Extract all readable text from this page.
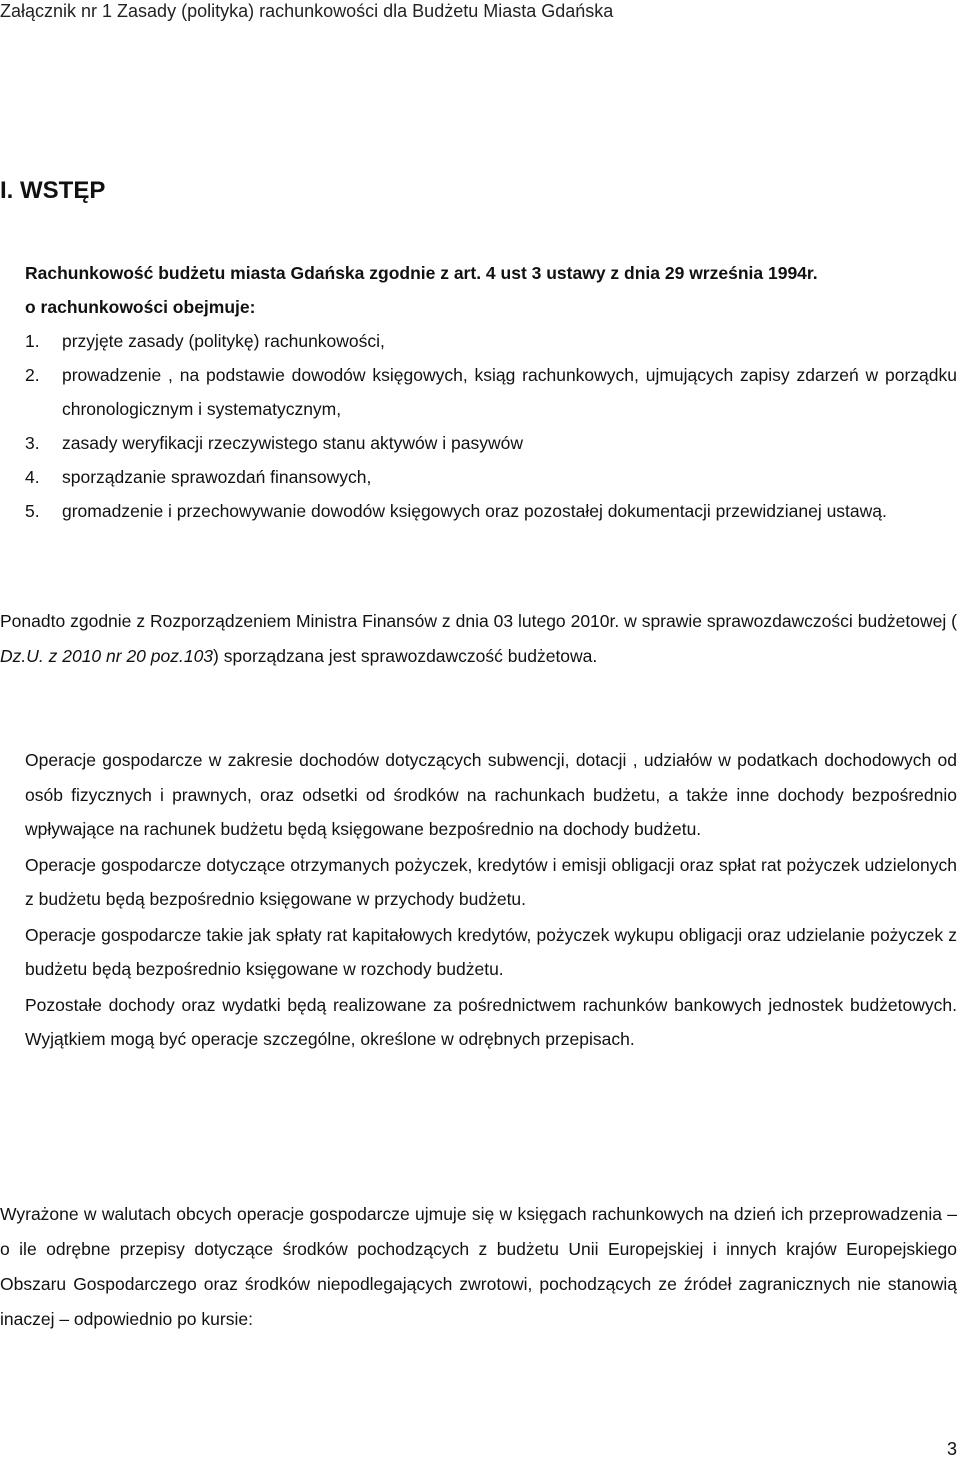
Załącznik nr 1 Zasady (polityka) rachunkowości dla Budżetu Miasta Gdańska
I. WSTĘP
Rachunkowość budżetu miasta Gdańska zgodnie z art. 4 ust 3 ustawy z dnia 29 września 1994r.
o rachunkowości obejmuje:
1.	przyjęte zasady (politykę) rachunkowości,
2.	prowadzenie , na podstawie dowodów księgowych, ksiąg rachunkowych, ujmujących zapisy zdarzeń w porządku chronologicznym i systematycznym,
3.	zasady weryfikacji rzeczywistego stanu aktywów i pasywów
4.	sporządzanie sprawozdań finansowych,
5.	gromadzenie i przechowywanie dowodów księgowych oraz pozostałej dokumentacji przewidzianej ustawą.
Ponadto zgodnie z Rozporządzeniem Ministra Finansów z dnia 03 lutego 2010r. w sprawie sprawozdawczości budżetowej ( Dz.U. z 2010 nr 20 poz.103) sporządzana jest sprawozdawczość budżetowa.

Operacje gospodarcze w zakresie dochodów dotyczących subwencji, dotacji , udziałów w podatkach dochodowych od osób fizycznych i prawnych, oraz odsetki od środków na rachunkach budżetu, a także inne dochody bezpośrednio wpływające na rachunek budżetu będą księgowane bezpośrednio na dochody budżetu.

Operacje gospodarcze dotyczące otrzymanych pożyczek, kredytów i emisji obligacji oraz spłat rat pożyczek udzielonych z budżetu będą bezpośrednio księgowane w przychody budżetu.

Operacje gospodarcze takie jak spłaty rat kapitałowych kredytów, pożyczek wykupu obligacji oraz udzielanie pożyczek z budżetu będą bezpośrednio księgowane w rozchody budżetu.

Pozostałe dochody oraz wydatki będą realizowane za pośrednictwem rachunków bankowych jednostek budżetowych. Wyjątkiem mogą być operacje szczególne, określone w odrębnych przepisach.

Wyrażone w walutach obcych operacje gospodarcze ujmuje się w księgach rachunkowych na dzień ich przeprowadzenia – o ile odrębne przepisy dotyczące środków pochodzących z budżetu Unii Europejskiej i innych krajów Europejskiego Obszaru Gospodarczego oraz środków niepodlegających zwrotowi, pochodzących ze źródeł zagranicznych nie stanowią inaczej – odpowiednio po kursie:
3
